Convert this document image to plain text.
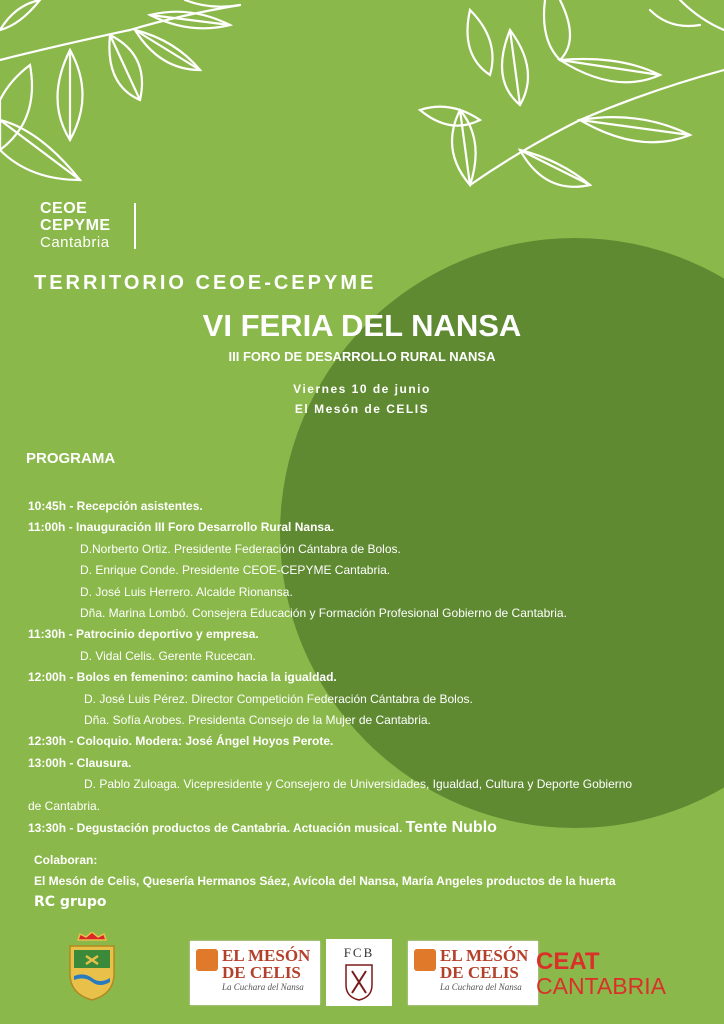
CEOE
CEPYME
Cantabria
TERRITORIO CEOE-CEPYME
VI FERIA DEL NANSA
III FORO DE DESARROLLO RURAL NANSA
Viernes 10 de junio
El Mesón de CELIS
PROGRAMA
10:45h - Recepción asistentes.
11:00h - Inauguración III Foro Desarrollo Rural Nansa.
D.Norberto Ortiz. Presidente Federación Cántabra de Bolos.
D. Enrique Conde. Presidente CEOE-CEPYME Cantabria.
D. José Luis Herrero. Alcalde Rionansa.
Dña. Marina Lombó. Consejera Educación y Formación Profesional Gobierno de Cantabria.
11:30h - Patrocinio deportivo y empresa.
D. Vidal Celis. Gerente Rucecan.
12:00h - Bolos en femenino: camino hacia la igualdad.
D. José Luis Pérez. Director Competición Federación Cántabra de Bolos.
Dña. Sofía Arobes. Presidenta Consejo de la Mujer de Cantabria.
12:30h - Coloquio. Modera: José Ángel Hoyos Perote.
13:00h - Clausura.
D. Pablo Zuloaga. Vicepresidente y Consejero de Universidades, Igualdad, Cultura y Deporte Gobierno
de Cantabria.
13:30h - Degustación productos de Cantabria. Actuación musical. Tente Nublo
Colaboran:
El Mesón de Celis, Quesería Hermanos Sáez, Avícola del Nansa, María Angeles productos de la huerta
RC grupo
EL MESÓN
DE CELIS
La Cuchara del Nansa
FCB	EL MESÓN
DE CELIS
La Cuchara del Nansa
CEAT
CANTABRIA
